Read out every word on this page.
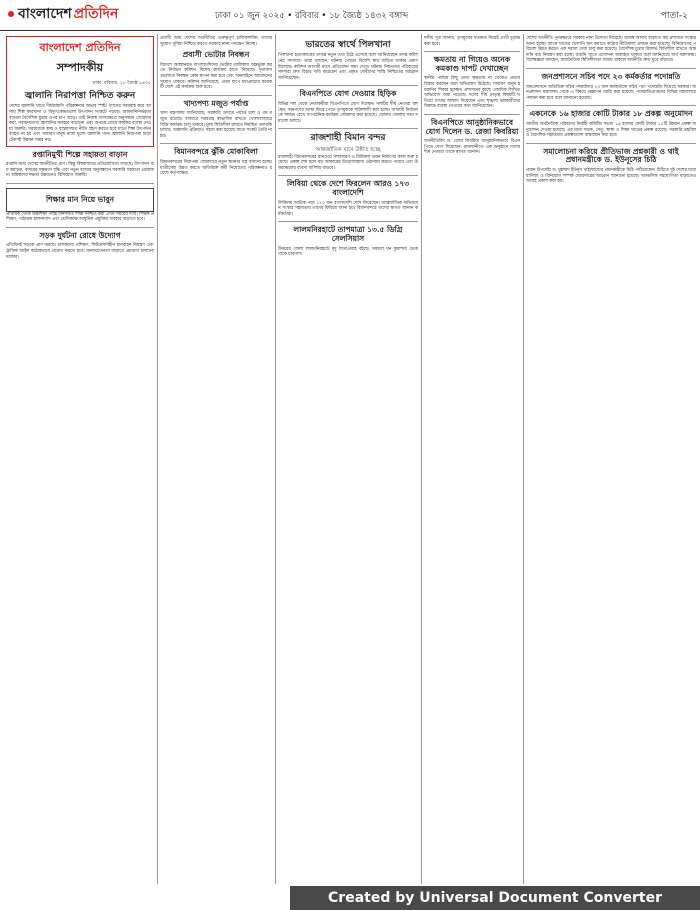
বাংলাদেশ প্রতিদিন	ঢাকা ০১ জুন ২০২৫ • রবিবার • ১৮ জ্যৈষ্ঠ ১৪৩২ বঙ্গাব্দ	পাতা-২
বাংলাদেশ প্রতিদিন
সম্পাদকীয়
ঢাকা, রবিবার, ১৮ জ্যৈষ্ঠ ১৪৩২
জ্বালানি নিরাপত্তা নিশ্চিত করুন
দেশের জ্বালানি খাতে দীর্ঘমেয়াদি পরিকল্পনার অভাব স্পষ্ট। গ্যাসের সরবরাহ কমে আসায় শিল্প কারখানা ও বিদ্যুৎকেন্দ্রগুলো উৎপাদন সংকটে পড়ছে। আমদানিনির্ভরতা বাড়লে বৈদেশিক মুদ্রার ওপর চাপ বাড়ে। তাই নিজস্ব গ্যাসক্ষেত্রে অনুসন্ধান জোরদার করা, নবায়নযোগ্য জ্বালানির ব্যবহার বাড়ানো এবং অপচয় রোধে কার্যকর ব্যবস্থা নেওয়া জরুরি। সরকারকে স্বচ্ছ ও বাস্তবসম্মত নীতি গ্রহণ করতে হবে যাতে শিল্প উৎপাদন ব্যাহত না হয় এবং সাধারণ মানুষ ন্যায্য মূল্যে জ্বালানি পান। জ্বালানি নিরাপত্তা ছাড়া টেকসই উন্নয়ন সম্ভব নয়।
রপ্তানিমুখী শিল্পে সহায়তা বাড়ান
রপ্তানি আয় দেশের অর্থনীতির প্রাণ। কিন্তু বিশ্ববাজারে প্রতিযোগিতা বাড়ছে। উৎপাদন ব্যয় কমানো, বন্দরের সক্ষমতা বৃদ্ধি এবং নতুন বাজার অনুসন্ধানে সরকারি সহায়তা প্রয়োজন। শ্রমিকদের দক্ষতা উন্নয়নেও বিনিয়োগ জরুরি।
শিক্ষার মান নিয়ে ভাবুন
প্রাথমিক থেকে উচ্চশিক্ষা পর্যন্ত মানসম্মত শিক্ষা নিশ্চিত করা এখন সময়ের দাবি। শিক্ষক প্রশিক্ষণ, পাঠ্যক্রম হালনাগাদ এবং শ্রেণিকক্ষে আধুনিক প্রযুক্তির ব্যবহার বাড়াতে হবে।
সড়ক দুর্ঘটনা রোধে উদ্যোগ
প্রতিদিনই সড়কে প্রাণ ঝরছে। চালকদের প্রশিক্ষণ, ফিটনেসবিহীন যানবাহন নিয়ন্ত্রণ এবং ট্রাফিক আইন কঠোরভাবে প্রয়োগ করতে হবে। জনসচেতনতা বাড়াতে প্রচারণা চালানো দরকার।
প্রবাসী আয় দেশের অর্থনীতির গুরুত্বপূর্ণ চালিকাশক্তি। তাদের সুযোগ সুবিধা নিশ্চিত করতে সরকার নানা পদক্ষেপ নিচ্ছে।
প্রবাসী ভোটার নিবন্ধন
বিদেশে অবস্থানরত বাংলাদেশিদের ভোটার তালিকায় অন্তর্ভুক্ত করতে নির্বাচন কমিশন বিশেষ কার্যক্রম হাতে নিয়েছে। দূতাবাসগুলোতে নিবন্ধন কেন্দ্র স্থাপন করা হবে এবং অনলাইনে আবেদনের সুযোগ থাকবে। কমিশন জানিয়েছে, প্রথম ধাপে মধ্যপ্রাচ্যের কয়েকটি দেশে এই কার্যক্রম শুরু হবে।
খাদ্যপণ্য মজুত পর্যাপ্ত
খাদ্য মন্ত্রণালয় জানিয়েছে, সরকারি গুদামে পর্যাপ্ত চাল ও গম মজুত রয়েছে। বাজারে সরবরাহ স্বাভাবিক রাখতে খোলাবাজারে বিক্রি কার্যক্রম চালু থাকবে। মূল্য স্থিতিশীল রাখতে নিয়মিত তদারকি চলছে। আমদানি প্রক্রিয়াও সহজ করা হয়েছে যাতে সংকট তৈরি না হয়।
বিমানবন্দরে ঝুঁকি মোকাবিলা
বিমানবন্দরের নিরাপত্তা জোরদারে নতুন স্ক্যানার যন্ত্র বসানো হচ্ছে। যাত্রীসেবা উন্নত করতে অতিরিক্ত কর্মী নিয়োগের পরিকল্পনাও রয়েছে কর্তৃপক্ষের।
ভারতের স্বার্থে পিলখানা
পিলখানা হত্যাকাণ্ডের তদন্তে নতুন তথ্য উঠে এসেছে বলে জানিয়েছেন তদন্ত কমিশনের সদস্যরা। তারা বলছেন, ঘটনার পেছনে বিদেশি স্বার্থ জড়িত থাকার প্রমাণ মিলেছে। কমিশন আগামী মাসে প্রতিবেদন জমা দেবে। ঘটনায় নিহতদের পরিবারের সদস্যরা দ্রুত বিচার দাবি করেছেন এবং প্রকৃত দোষীদের শাস্তি নিশ্চিতের আহ্বান জানিয়েছেন।
বিএনপিতে যোগ দেওয়ার হিড়িক
বিভিন্ন দল থেকে নেতাকর্মীরা বিএনপিতে যোগ দিচ্ছেন। দলটির শীর্ষ নেতারা বলছেন, জনগণের আস্থা ফিরে পেতে তৃণমূলকে শক্তিশালী করা হচ্ছে। আগামী নির্বাচনকে সামনে রেখে সাংগঠনিক কার্যক্রম জোরদার করা হয়েছে। জেলায় জেলায় সভা সমাবেশ চলছে।
রাজশাহী বিমান বন্দর
আন্তর্জাতিক মানে উন্নীত হচ্ছে
রাজশাহী বিমানবন্দরের রানওয়ে সম্প্রসারণ ও টার্মিনাল ভবন নির্মাণের কাজ শুরু হয়েছে। প্রকল্প শেষ হলে বড় আকারের উড়োজাহাজ ওঠানামা করতে পারবে এবং উত্তরাঞ্চলের ব্যবসা বাণিজ্য বাড়বে।
লিবিয়া থেকে দেশে ফিরলেন আরও ১৭৩ বাংলাদেশি
লিবিয়ায় আটকে পড়া ১৭৩ জন বাংলাদেশি দেশে ফিরেছেন। আন্তর্জাতিক অভিবাসন সংস্থার সহায়তায় তাদের ফিরিয়ে আনা হয়। বিমানবন্দরে তাদের স্বাগত জানান কর্মকর্তারা।
লালমনিরহাটে তাপমাত্রা ১৩.৫ ডিগ্রি সেলসিয়াস
উত্তরের জেলা লালমনিরহাটে মৃদু শৈত্যপ্রবাহ বইছে। সকালে ঘন কুয়াশায় ঢেকে থাকে চারপাশ।
দলীয় সূত্র জানায়, তৃণমূলের মতামত নিয়েই প্রার্থী চূড়ান্ত করা হবে।
ক্ষমতায় না গিয়েও অনেক কমকাণ্ড দাপট দেখাচ্ছেন
স্থানীয় পর্যায়ে কিছু নেতা ক্ষমতায় না থেকেও প্রভাব বিস্তার করছেন বলে অভিযোগ উঠেছে। সাধারণ মানুষ হয়রানির শিকার হচ্ছেন। প্রশাসনের কাছে একাধিক লিখিত অভিযোগ জমা পড়েছে। দলের শীর্ষ নেতৃত্ব বিষয়টি খতিয়ে দেখার আশ্বাস দিয়েছেন এবং শৃঙ্খলা ভঙ্গকারীদের বিরুদ্ধে ব্যবস্থা নেওয়ার কথা জানিয়েছেন।
বিএনপিতে আনুষ্ঠানিকভাবে যোগ দিলেন ড. রেজা কিবরিয়া
অর্থনীতিবিদ ড. রেজা কিবরিয়া আনুষ্ঠানিকভাবে বিএনপিতে যোগ দিয়েছেন। রাজধানীতে এক অনুষ্ঠানে দলের শীর্ষ নেতারা তাকে স্বাগত জানান।
দেশের অর্থনীতি পুনরুদ্ধারে সরকার নানা উদ্যোগ নিয়েছে। রাজস্ব আদায় বাড়াতে কর প্রশাসনে সংস্কার আনা হচ্ছে। ব্যাংক খাতের খেলাপি ঋণ কমাতে কঠোর নীতিমালা প্রণয়ন করা হয়েছে। বিনিয়োগের পরিবেশ উন্নত করতে এক দরজা সেবা চালু করা হয়েছে। বৈদেশিক মুদ্রার রিজার্ভ স্থিতিশীল রাখতে আমদানি ব্যয় নিয়ন্ত্রণ করা হচ্ছে। রপ্তানি খাতে প্রণোদনা অব্যাহত থাকবে বলে জানিয়েছে অর্থ মন্ত্রণালয়। বিশেষজ্ঞরা বলছেন, রাজনৈতিক স্থিতিশীলতা বজায় থাকলে অর্থনীতি দ্রুত ঘুরে দাঁড়াবে।
জনপ্রশাসনে সচিব পদে ২৩ কর্মকর্তার পদোন্নতি
জনপ্রশাসনে অতিরিক্ত সচিব পদমর্যাদার ২৩ জন কর্মকর্তাকে সচিব পদে পদোন্নতি দিয়েছে সরকার। জনপ্রশাসন মন্ত্রণালয় থেকে এ বিষয়ে প্রজ্ঞাপন জারি করা হয়েছে। পদোন্নতিপ্রাপ্তদের বিভিন্ন মন্ত্রণালয়ে পদায়ন করা হবে বলে জানানো হয়েছে।
একনেকে ১৬ হাজার কোটি টাকার ১৮ প্রকল্প অনুমোদন
জাতীয় অর্থনৈতিক পরিষদের নির্বাহী কমিটির সভায় ১৬ হাজার কোটি টাকার ১৮টি উন্নয়ন প্রকল্প অনুমোদন দেওয়া হয়েছে। এর মধ্যে সড়ক, সেতু, স্বাস্থ্য ও শিক্ষা খাতের প্রকল্প রয়েছে। সরকারি তহবিল ও বৈদেশিক সহায়তায় প্রকল্পগুলো বাস্তবায়ন করা হবে।
সমালোচনা করিয়ে প্রীতিভাজ প্রশ্নকারী ও থাই প্রধানমন্ত্রীকে ড. ইউনূসের চিঠি
প্রধান উপদেষ্টা ড. মুহাম্মদ ইউনূস থাইল্যান্ডের প্রধানমন্ত্রীকে চিঠি পাঠিয়েছেন। চিঠিতে দুই দেশের মধ্যে বাণিজ্য ও বিনিয়োগ সম্পর্ক জোরদারের আহ্বান জানানো হয়েছে। আঞ্চলিক সহযোগিতা বাড়াতেও আগ্রহ প্রকাশ করা হয়।
Created by Universal Document Converter
